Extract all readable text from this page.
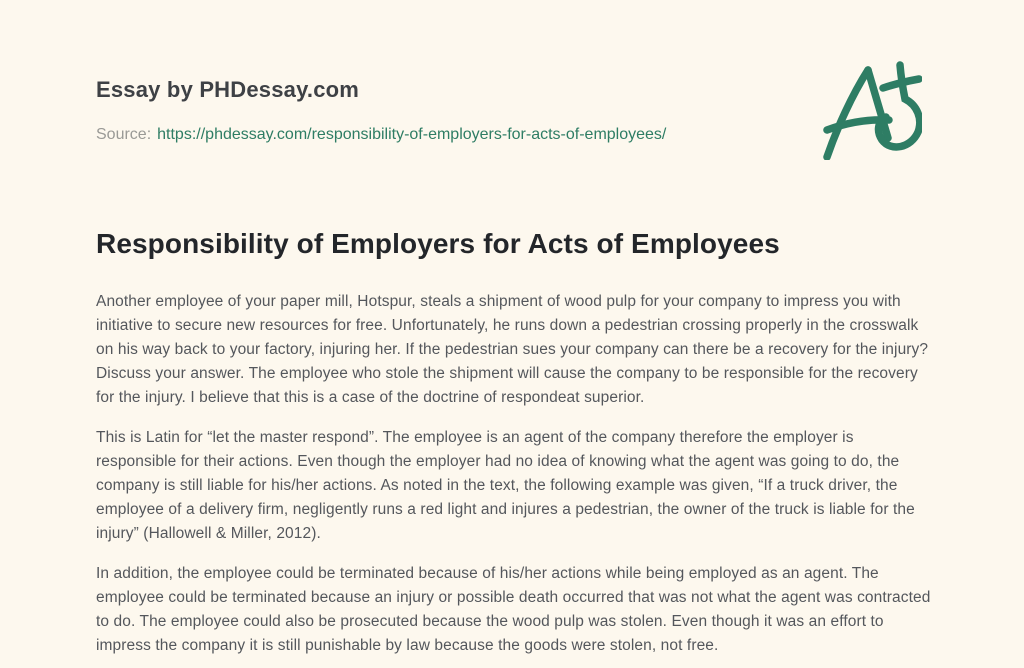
Essay by PHDessay.com
Source: https://phdessay.com/responsibility-of-employers-for-acts-of-employees/
Responsibility of Employers for Acts of Employees

Another employee of your paper mill, Hotspur, steals a shipment of wood pulp for your company to impress you with initiative to secure new resources for free. Unfortunately, he runs down a pedestrian crossing properly in the crosswalk on his way back to your factory, injuring her. If the pedestrian sues your company can there be a recovery for the injury? Discuss your answer. The employee who stole the shipment will cause the company to be responsible for the recovery for the injury. I believe that this is a case of the doctrine of respondeat superior.

This is Latin for “let the master respond”. The employee is an agent of the company therefore the employer is responsible for their actions. Even though the employer had no idea of knowing what the agent was going to do, the company is still liable for his/her actions. As noted in the text, the following example was given, “If a truck driver, the employee of a delivery firm, negligently runs a red light and injures a pedestrian, the owner of the truck is liable for the injury” (Hallowell & Miller, 2012).

In addition, the employee could be terminated because of his/her actions while being employed as an agent. The employee could be terminated because an injury or possible death occurred that was not what the agent was contracted to do. The employee could also be prosecuted because the wood pulp was stolen. Even though it was an effort to impress the company it is still punishable by law because the goods were stolen, not free.
